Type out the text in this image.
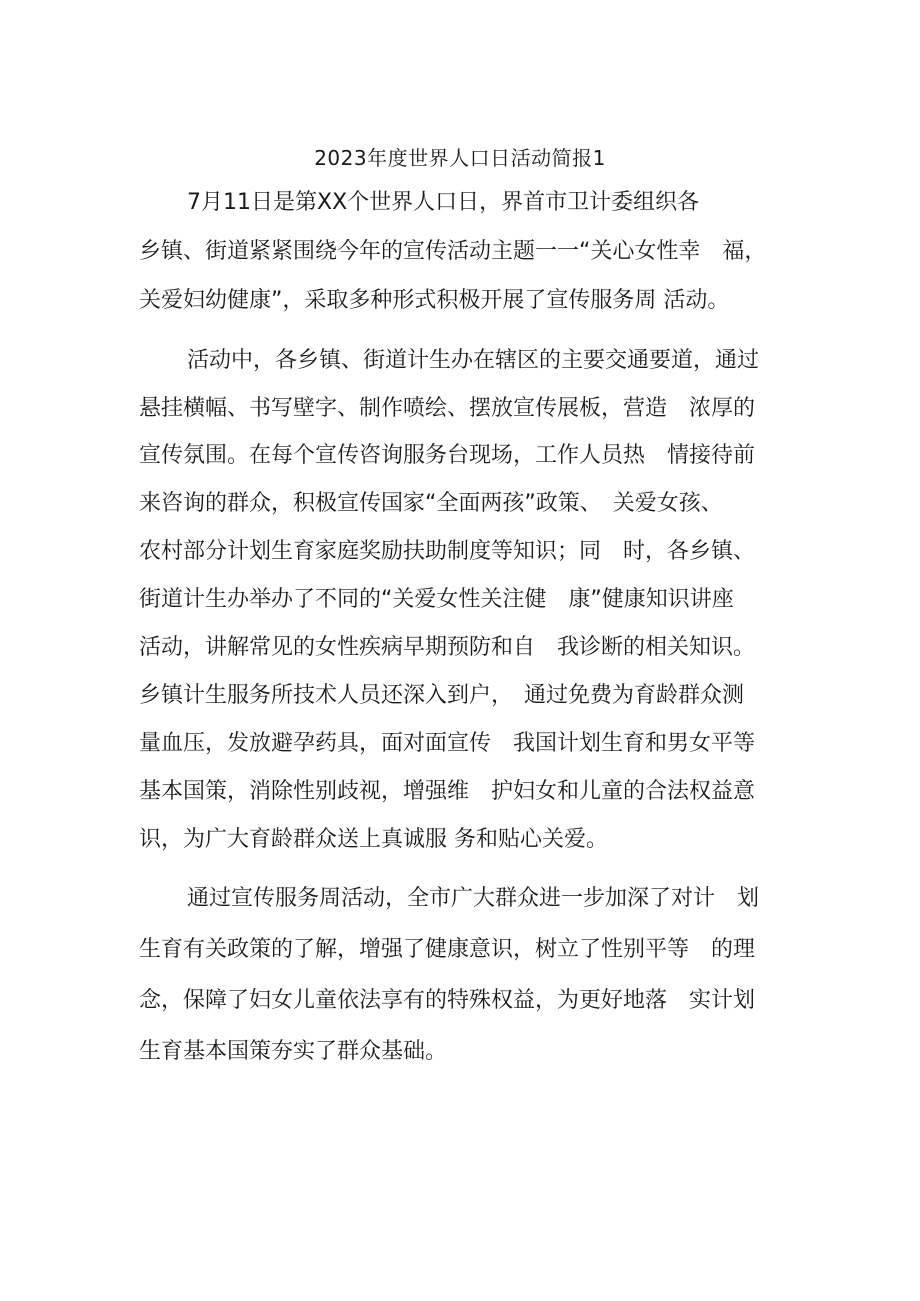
2023年度世界人口日活动简报1
7月11日是第XX个世界人口日，界首市卫计委组织各
乡镇、街道紧紧围绕今年的宣传活动主题一一“关心女性幸　福，
关爱妇幼健康”，采取多种形式积极开展了宣传服务周 活动。
活动中，各乡镇、街道计生办在辖区的主要交通要道，通过
悬挂横幅、书写壁字、制作喷绘、摆放宣传展板，营造　浓厚的
宣传氛围。在每个宣传咨询服务台现场，工作人员热　情接待前
来咨询的群众，积极宣传国家“全面两孩”政策、　关爱女孩、
农村部分计划生育家庭奖励扶助制度等知识；同　时，各乡镇、
街道计生办举办了不同的“关爱女性关注健　康”健康知识讲座
活动，讲解常见的女性疾病早期预防和自　我诊断的相关知识。
乡镇计生服务所技术人员还深入到户，　通过免费为育龄群众测
量血压，发放避孕药具，面对面宣传　我国计划生育和男女平等
基本国策，消除性别歧视，增强维　护妇女和儿童的合法权益意
识，为广大育龄群众送上真诚服 务和贴心关爱。
通过宣传服务周活动，全市广大群众进一步加深了对计　划
生育有关政策的了解，增强了健康意识，树立了性别平等　的理
念，保障了妇女儿童依法享有的特殊权益，为更好地落　实计划
生育基本国策夯实了群众基础。
